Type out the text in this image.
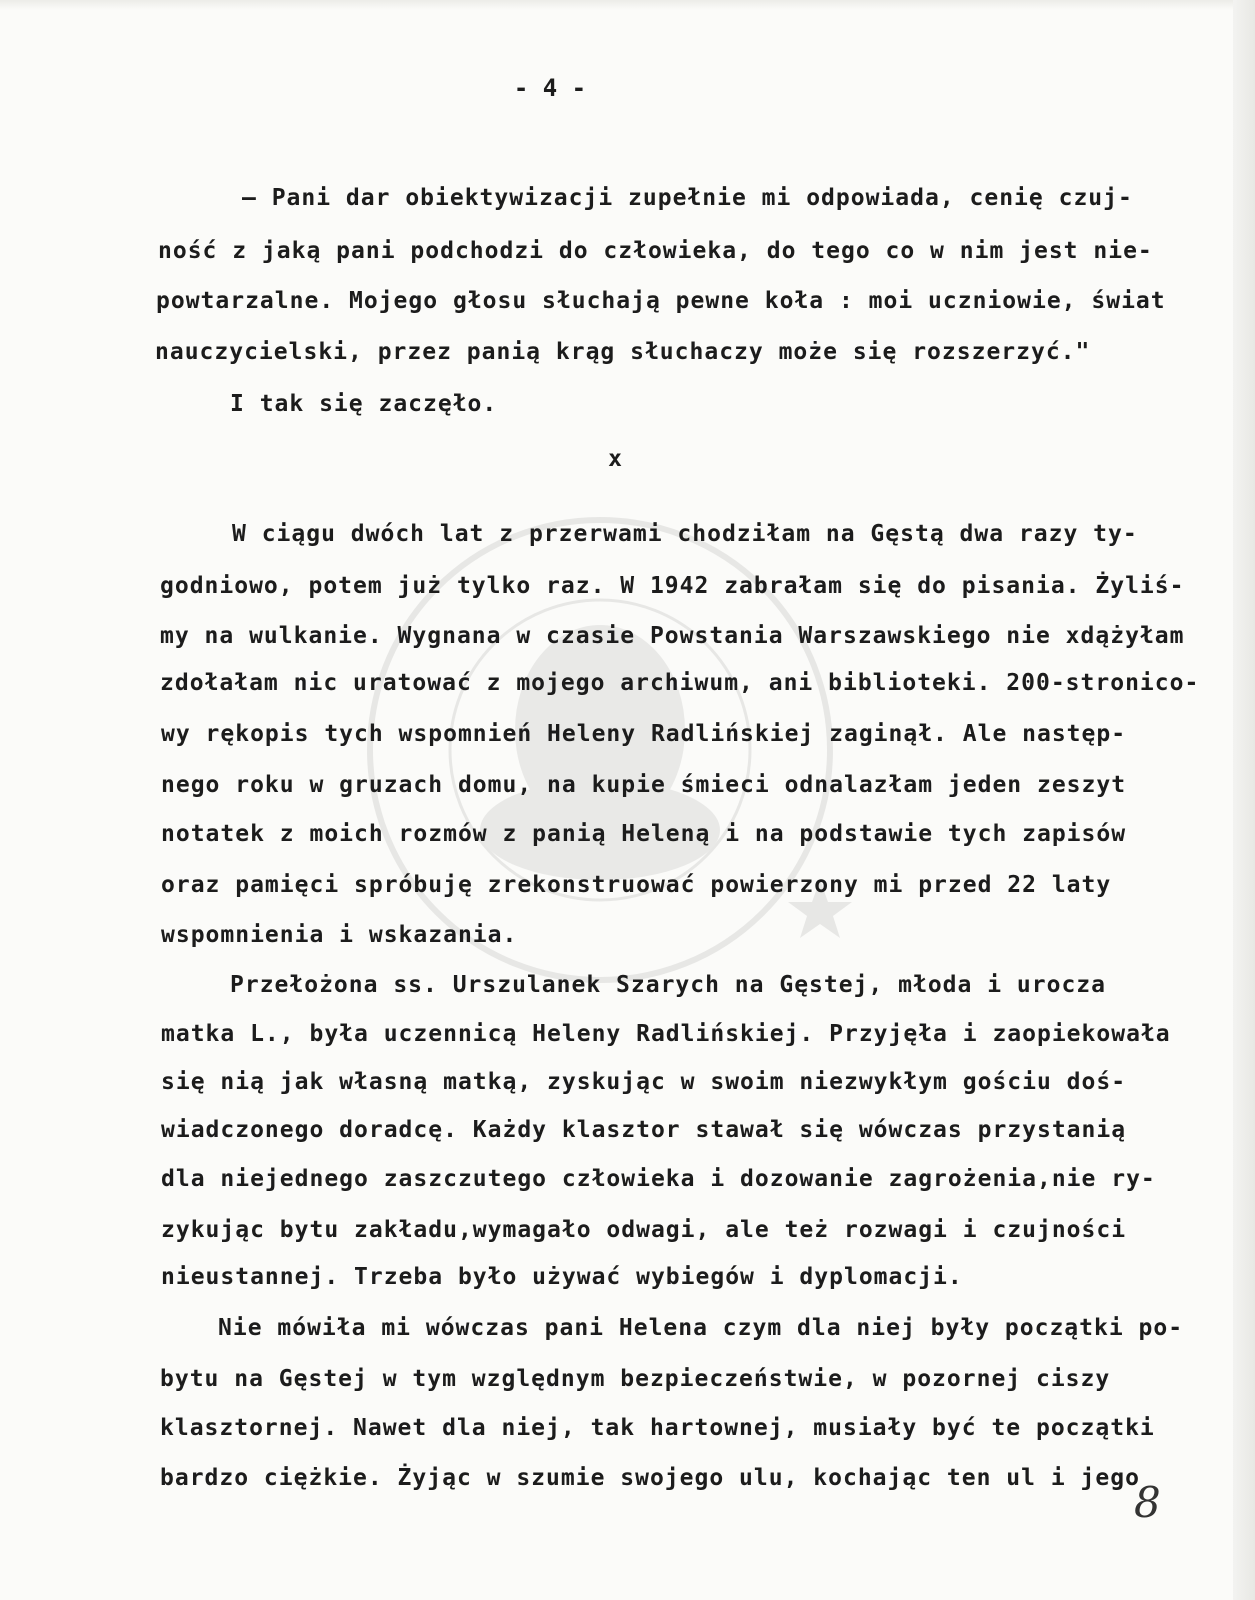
- 4 -

– Pani dar obiektywizacji zupełnie mi odpowiada, cenię czuj-

ność z jaką pani podchodzi do człowieka, do tego co w nim jest nie-

powtarzalne. Mojego głosu słuchają pewne koła : moi uczniowie, świat

nauczycielski, przez panią krąg słuchaczy może się rozszerzyć."

I tak się zaczęło.

W ciągu dwóch lat z przerwami chodziłam na Gęstą dwa razy ty-

godniowo, potem już tylko raz. W 1942 zabrałam się do pisania. Żyliś-

my na wulkanie. Wygnana w czasie Powstania Warszawskiego nie xdążyłam

zdołałam nic uratować z mojego archiwum, ani biblioteki. 200-stronico-

wy rękopis tych wspomnień Heleny Radlińskiej zaginął. Ale następ-

nego roku w gruzach domu, na kupie śmieci odnalazłam jeden zeszyt

notatek z moich rozmów z panią Heleną i na podstawie tych zapisów

oraz pamięci spróbuję zrekonstruować powierzony mi przed 22 laty

wspomnienia i wskazania.

Przełożona ss. Urszulanek Szarych na Gęstej, młoda i urocza

matka L., była uczennicą Heleny Radlińskiej. Przyjęła i zaopiekowała

się nią jak własną matką, zyskując w swoim niezwykłym gościu doś-

wiadczonego doradcę. Każdy klasztor stawał się wówczas przystanią

dla niejednego zaszczutego człowieka i dozowanie zagrożenia,nie ry-

zykując bytu zakładu,wymagało odwagi, ale też rozwagi i czujności

nieustannej. Trzeba było używać wybiegów i dyplomacji.

Nie mówiła mi wówczas pani Helena czym dla niej były początki po-

bytu na Gęstej w tym względnym bezpieczeństwie, w pozornej ciszy

klasztornej. Nawet dla niej, tak hartownej, musiały być te początki

bardzo ciężkie. Żyjąc w szumie swojego ulu, kochając ten ul i jego

x
8
